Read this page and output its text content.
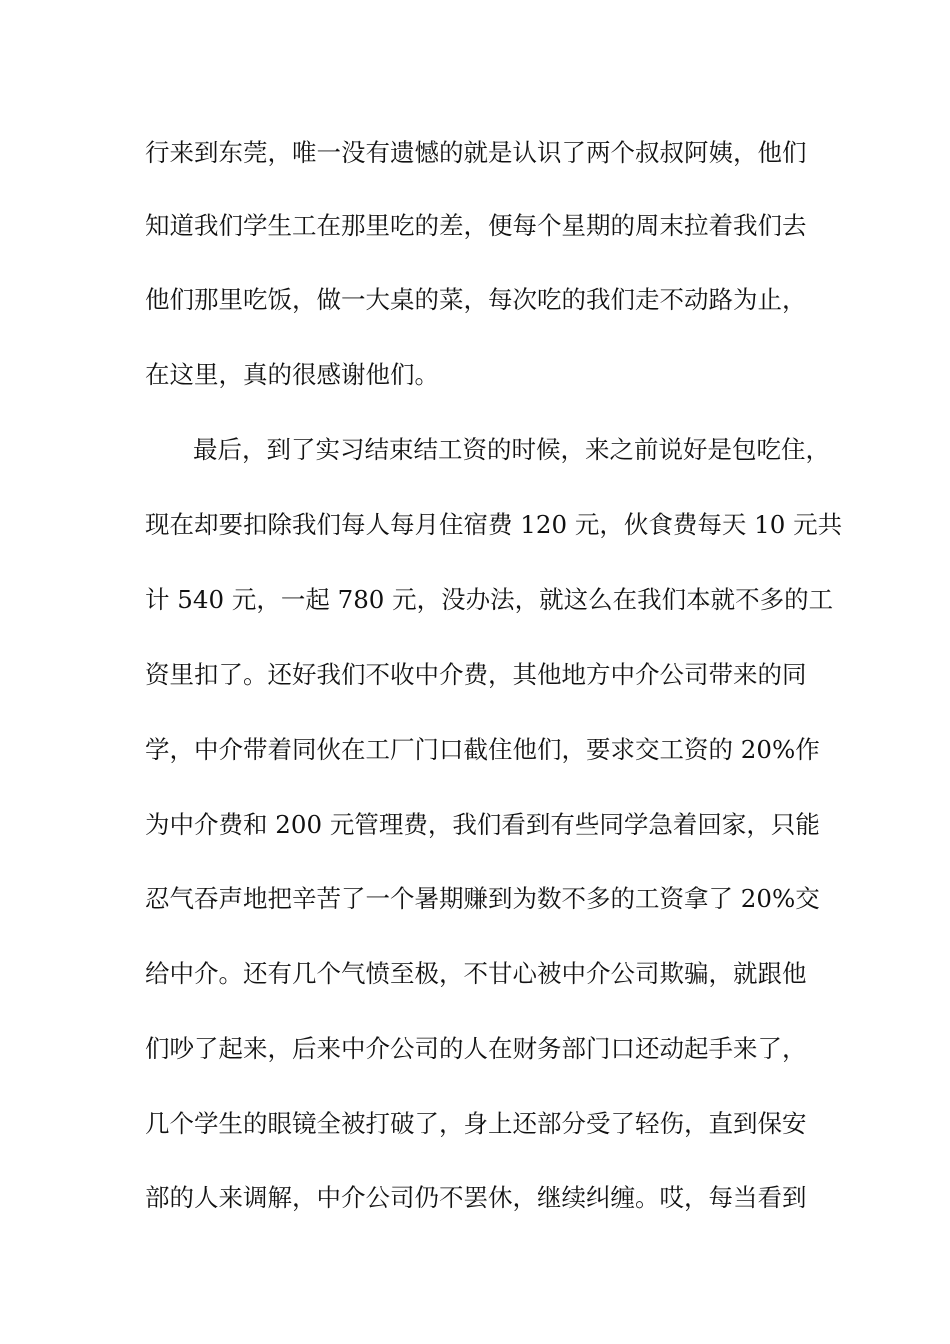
行来到东莞，唯一没有遗憾的就是认识了两个叔叔阿姨，他们
知道我们学生工在那里吃的差，便每个星期的周末拉着我们去
他们那里吃饭，做一大桌的菜，每次吃的我们走不动路为止，
在这里，真的很感谢他们。
最后，到了实习结束结工资的时候，来之前说好是包吃住，
现在却要扣除我们每人每月住宿费 120 元，伙食费每天 10 元共
计 540 元，一起 780 元，没办法，就这么在我们本就不多的工
资里扣了。还好我们不收中介费，其他地方中介公司带来的同
学，中介带着同伙在工厂门口截住他们，要求交工资的 20%作
为中介费和 200 元管理费，我们看到有些同学急着回家，只能
忍气吞声地把辛苦了一个暑期赚到为数不多的工资拿了 20%交
给中介。还有几个气愤至极，不甘心被中介公司欺骗，就跟他
们吵了起来，后来中介公司的人在财务部门口还动起手来了，
几个学生的眼镜全被打破了，身上还部分受了轻伤，直到保安
部的人来调解，中介公司仍不罢休，继续纠缠。哎，每当看到
